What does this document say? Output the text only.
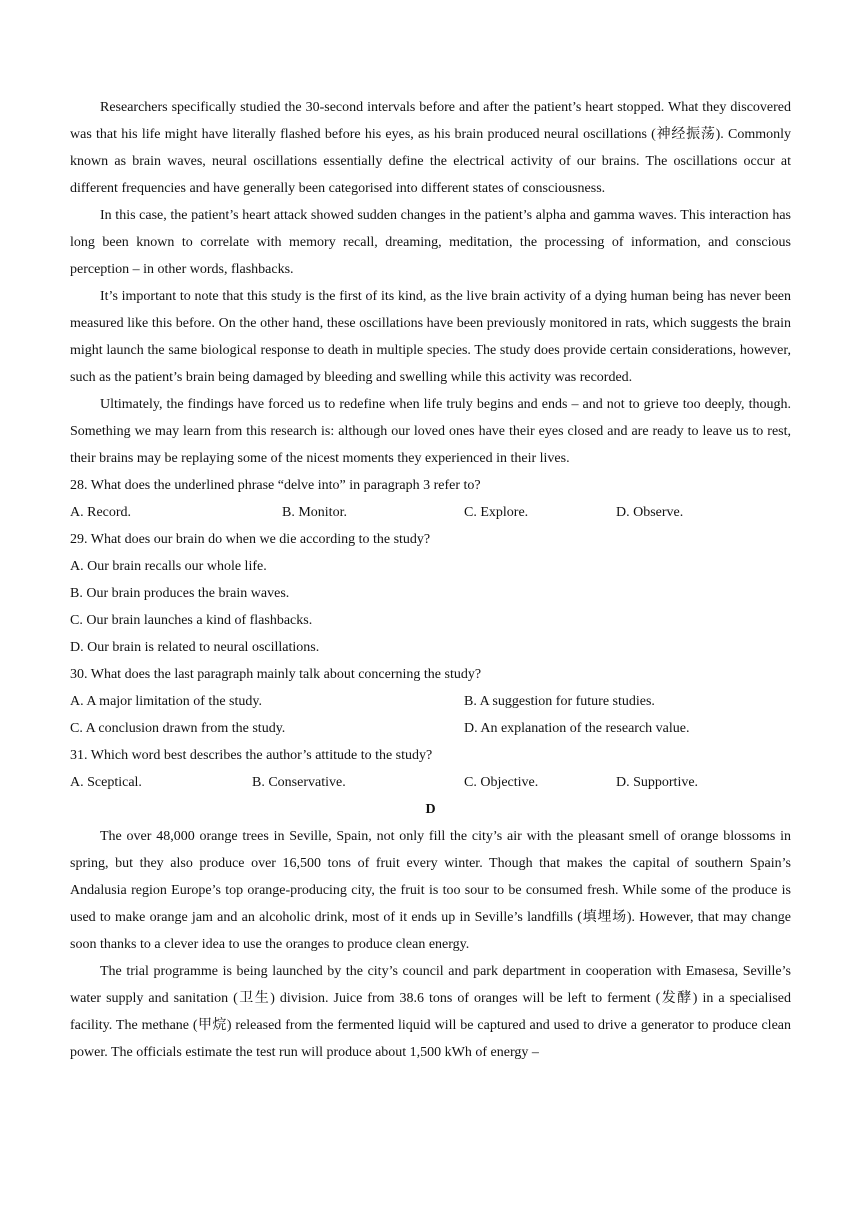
Researchers specifically studied the 30-second intervals before and after the patient’s heart stopped. What they discovered was that his life might have literally flashed before his eyes, as his brain produced neural oscillations (神经振荡). Commonly known as brain waves, neural oscillations essentially define the electrical activity of our brains. The oscillations occur at different frequencies and have generally been categorised into different states of consciousness.

In this case, the patient’s heart attack showed sudden changes in the patient’s alpha and gamma waves. This interaction has long been known to correlate with memory recall, dreaming, meditation, the processing of information, and conscious perception – in other words, flashbacks.

It’s important to note that this study is the first of its kind, as the live brain activity of a dying human being has never been measured like this before. On the other hand, these oscillations have been previously monitored in rats, which suggests the brain might launch the same biological response to death in multiple species. The study does provide certain considerations, however, such as the patient’s brain being damaged by bleeding and swelling while this activity was recorded.

Ultimately, the findings have forced us to redefine when life truly begins and ends – and not to grieve too deeply, though. Something we may learn from this research is: although our loved ones have their eyes closed and are ready to leave us to rest, their brains may be replaying some of the nicest moments they experienced in their lives.

28. What does the underlined phrase “delve into” in paragraph 3 refer to?

A. Record.	B. Monitor.	C. Explore.	D. Observe.

29. What does our brain do when we die according to the study?

A. Our brain recalls our whole life.

B. Our brain produces the brain waves.

C. Our brain launches a kind of flashbacks.

D. Our brain is related to neural oscillations.

30. What does the last paragraph mainly talk about concerning the study?

A. A major limitation of the study.	B. A suggestion for future studies.
C. A conclusion drawn from the study.	D. An explanation of the research value.

31. Which word best describes the author’s attitude to the study?

A. Sceptical.	B. Conservative.	C. Objective.	D. Supportive.

D

The over 48,000 orange trees in Seville, Spain, not only fill the city’s air with the pleasant smell of orange blossoms in spring, but they also produce over 16,500 tons of fruit every winter. Though that makes the capital of southern Spain’s Andalusia region Europe’s top orange-producing city, the fruit is too sour to be consumed fresh. While some of the produce is used to make orange jam and an alcoholic drink, most of it ends up in Seville’s landfills (填埋场). However, that may change soon thanks to a clever idea to use the oranges to produce clean energy.

The trial programme is being launched by the city’s council and park department in cooperation with Emasesa, Seville’s water supply and sanitation (卫生) division. Juice from 38.6 tons of oranges will be left to ferment (发酵) in a specialised facility. The methane (甲烷) released from the fermented liquid will be captured and used to drive a generator to produce clean power. The officials estimate the test run will produce about 1,500 kWh of energy –
